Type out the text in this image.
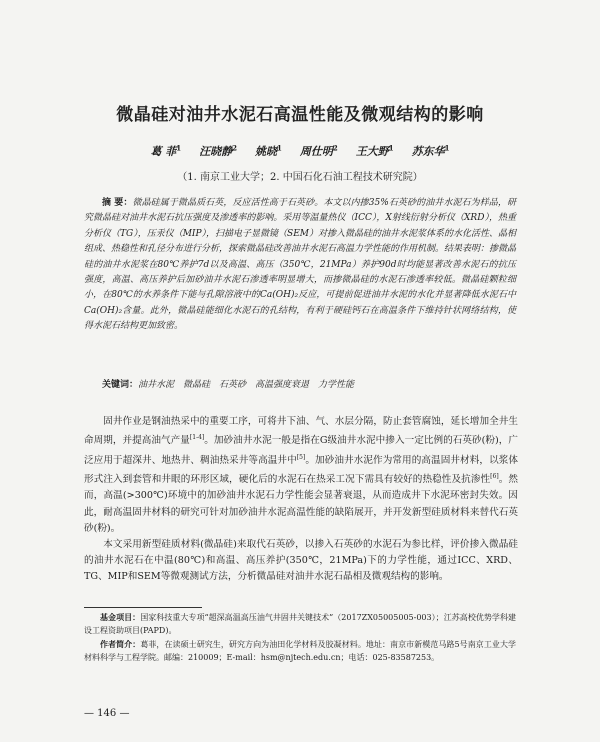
微晶硅对油井水泥石高温性能及微观结构的影响
葛 菲$^1$ 汪晓静$^2$ 姚晓$^1$ 周仕明$^2$ 王大野$^1$ 苏东华$^1$
（1. 南京工业大学；2. 中国石化石油工程技术研究院）
摘 要：微晶硅属于微晶质石英，反应活性高于石英砂。本文以内掺35%石英砂的油井水泥石为样品，研究微晶硅对油井水泥石抗压强度及渗透率的影响。采用等温量热仪（ICC），X射线衍射分析仪（XRD），热重分析仪（TG），压汞仪（MIP），扫描电子显微镜（SEM）对掺入微晶硅的油井水泥浆体系的水化活性、晶相组成、热稳性和孔径分布进行分析，探索微晶硅改善油井水泥石高温力学性能的作用机制。结果表明：掺微晶硅的油井水泥浆在80℃养护7d以及高温、高压（350℃，21MPa）养护90d时均能显著改善水泥石的抗压强度，高温、高压养护后加砂油井水泥石渗透率明显增大，而掺微晶硅的水泥石渗透率较低。微晶硅颗粒细小，在80℃的水养条件下能与孔隙溶液中的Ca(OH)₂反应，可提前促进油井水泥的水化并显著降低水泥石中Ca(OH)₂含量。此外，微晶硅能细化水泥石的孔结构，有利于硬硅钙石在高温条件下维持针状网络结构，使得水泥石结构更加致密。
关键词：油井水泥　微晶硅　石英砂　高温强度衰退　力学性能

固井作业是钢油热采中的重要工序，可将井下油、气、水层分隔，防止套管腐蚀，延长增加全井生命周期，并提高油气产量[1-4]。加砂油井水泥一般是指在G级油井水泥中掺入一定比例的石英砂(粉)，广泛应用于超深井、地热井、稠油热采井等高温井中[5]。加砂油井水泥作为常用的高温固井材料，以浆体形式注入到套管和井眼的环形区域，硬化后的水泥石在热采工况下需具有较好的热稳性及抗渗性[6]。然而，高温(>300℃)环境中的加砂油井水泥石力学性能会显著衰退，从而造成井下水泥环密封失效。因此，耐高温固井材料的研究可针对加砂油井水泥高温性能的缺陷展开，并开发新型硅质材料来替代石英砂(粉)。

本文采用新型硅质材料(微晶硅)来取代石英砂，以掺入石英砂的水泥石为参比样，评价掺入微晶硅的油井水泥石在中温(80℃)和高温、高压养护(350℃，21MPa)下的力学性能，通过ICC、XRD、TG、MIP和SEM等微观测试方法，分析微晶硅对油井水泥石晶相及微观结构的影响。

基金项目：国家科技重大专项“超深高温高压油气井固井关键技术”（2017ZX05005005-003）；江苏高校优势学科建设工程资助项目(PAPD)。

作者简介：葛菲，在读硕士研究生，研究方向为油田化学材料及胶凝材料。地址：南京市新模范马路5号南京工业大学材料科学与工程学院。邮编：210009；E-mail：hsm@njtech.edu.cn；电话：025-83587253。

— 146 —
